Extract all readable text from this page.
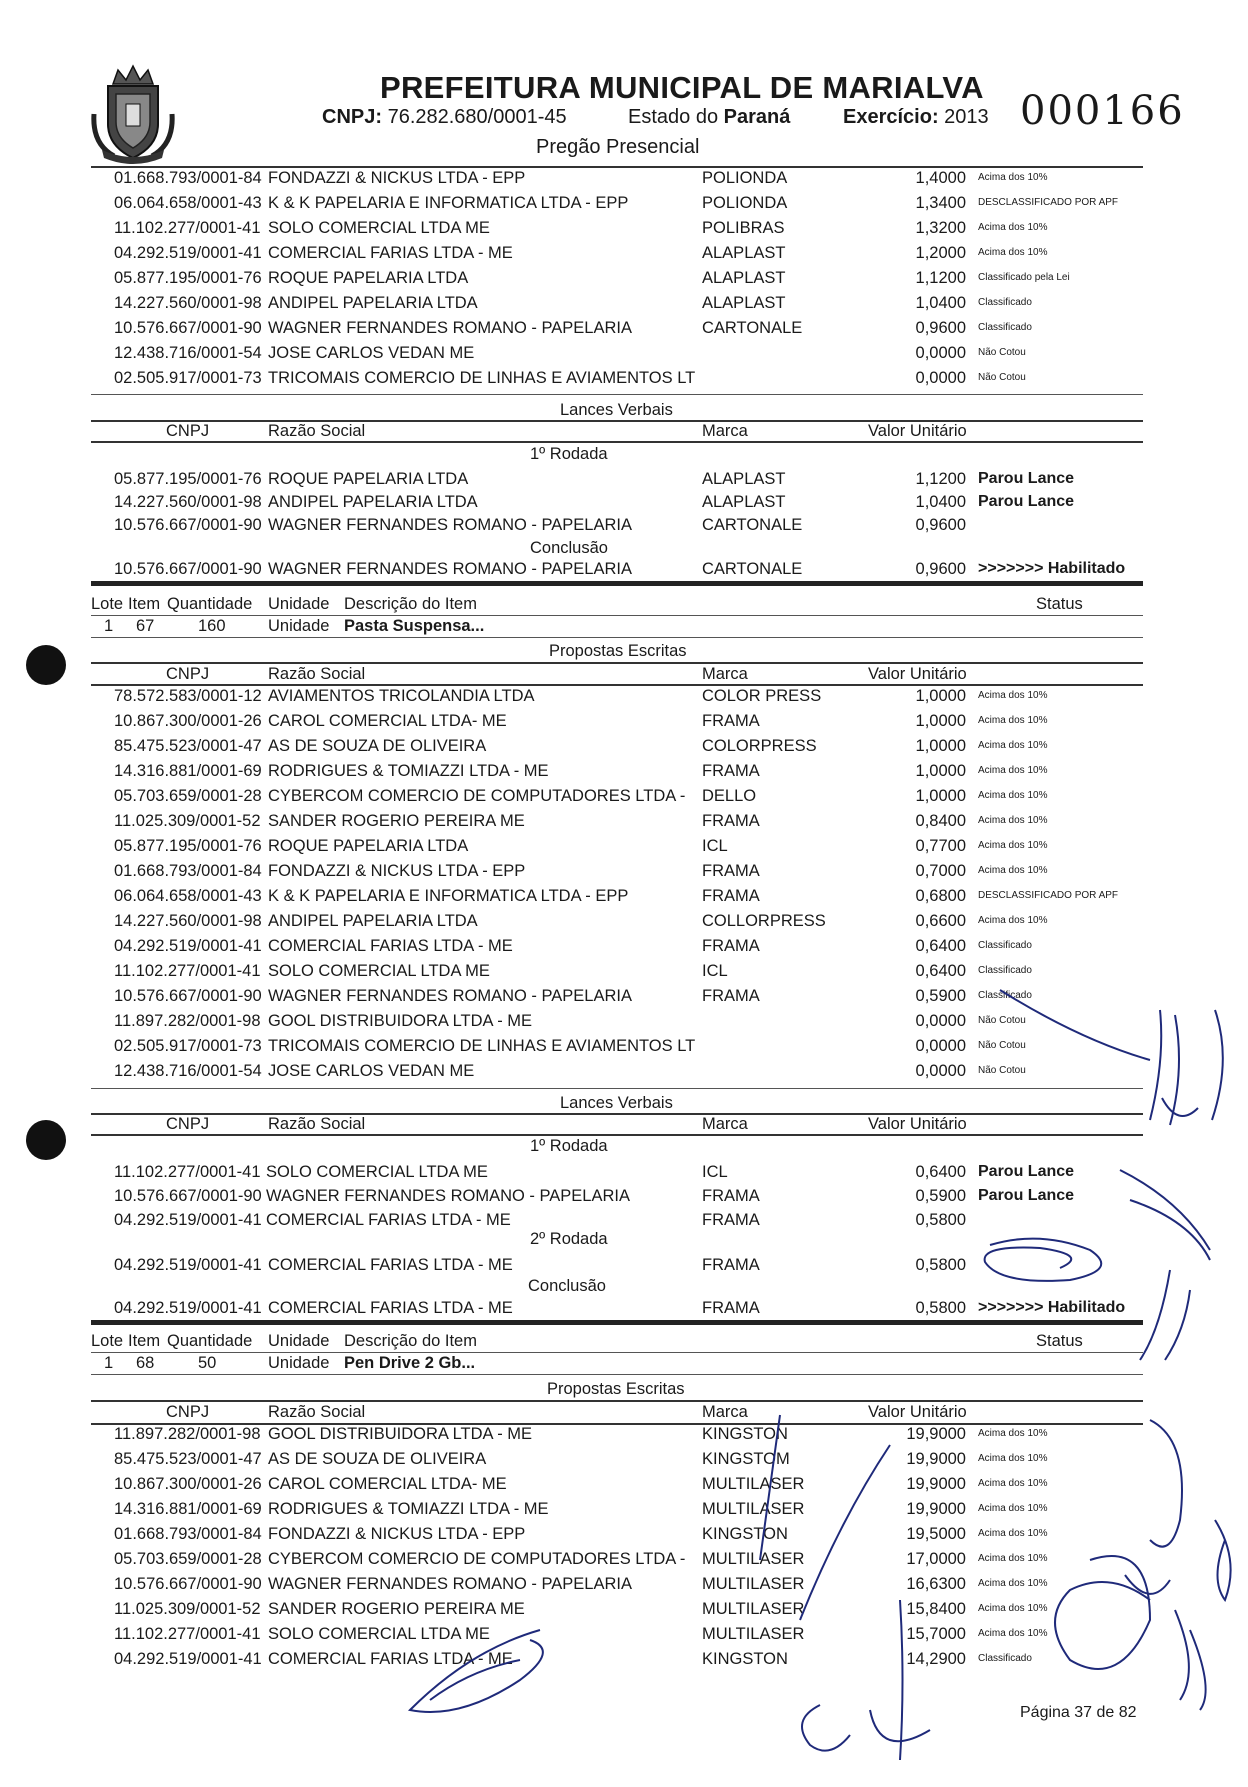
PREFEITURA MUNICIPAL DE MARIALVA
CNPJ: 76.282.680/0001-45	Estado do Paraná	Exercício: 2013 000166
Pregão Presencial
01.668.793/0001-84 FONDAZZI & NICKUS LTDA - EPP	POLIONDA	1,4000 Acima dos 10%
06.064.658/0001-43 K & K PAPELARIA E INFORMATICA LTDA - EPP	POLIONDA	1,3400 DESCLASSIFICADO POR APF
11.102.277/0001-41 SOLO COMERCIAL LTDA ME	POLIBRAS	1,3200 Acima dos 10%
04.292.519/0001-41 COMERCIAL FARIAS LTDA - ME	ALAPLAST	1,2000 Acima dos 10%
05.877.195/0001-76 ROQUE PAPELARIA LTDA	ALAPLAST	1,1200 Classificado pela Lei
14.227.560/0001-98 ANDIPEL PAPELARIA LTDA	ALAPLAST	1,0400 Classificado
10.576.667/0001-90 WAGNER FERNANDES ROMANO - PAPELARIA	CARTONALE	0,9600 Classificado
12.438.716/0001-54 JOSE CARLOS VEDAN ME	0,0000 Não Cotou
02.505.917/0001-73 TRICOMAIS COMERCIO DE LINHAS E AVIAMENTOS LT	0,0000 Não Cotou
Lances Verbais
CNPJ	Razão Social	Marca	Valor Unitário
1º Rodada
05.877.195/0001-76 ROQUE PAPELARIA LTDA	ALAPLAST	1,1200 Parou Lance
14.227.560/0001-98 ANDIPEL PAPELARIA LTDA	ALAPLAST	1,0400 Parou Lance
10.576.667/0001-90 WAGNER FERNANDES ROMANO - PAPELARIA	CARTONALE	0,9600
Conclusão
10.576.667/0001-90 WAGNER FERNANDES ROMANO - PAPELARIA	CARTONALE	0,9600 >>>>>>> Habilitado
Lote Item Quantidade Unidade Descrição do Item	Status
1 67	160	Unidade Pasta Suspensa...
Propostas Escritas
CNPJ	Razão Social	Marca	Valor Unitário
78.572.583/0001-12 AVIAMENTOS TRICOLANDIA LTDA	COLOR PRESS	1,0000 Acima dos 10%
10.867.300/0001-26 CAROL COMERCIAL LTDA- ME	FRAMA	1,0000 Acima dos 10%
85.475.523/0001-47 AS DE SOUZA DE OLIVEIRA	COLORPRESS	1,0000 Acima dos 10%
14.316.881/0001-69 RODRIGUES & TOMIAZZI LTDA - ME	FRAMA	1,0000 Acima dos 10%
05.703.659/0001-28 CYBERCOM COMERCIO DE COMPUTADORES LTDA - DELLO	1,0000 Acima dos 10%
11.025.309/0001-52 SANDER ROGERIO PEREIRA ME	FRAMA	0,8400 Acima dos 10%
05.877.195/0001-76 ROQUE PAPELARIA LTDA	ICL	0,7700 Acima dos 10%
01.668.793/0001-84 FONDAZZI & NICKUS LTDA - EPP	FRAMA	0,7000 Acima dos 10%
06.064.658/0001-43 K & K PAPELARIA E INFORMATICA LTDA - EPP	FRAMA	0,6800 DESCLASSIFICADO POR APF
14.227.560/0001-98 ANDIPEL PAPELARIA LTDA	COLLORPRESS	0,6600 Acima dos 10%
04.292.519/0001-41 COMERCIAL FARIAS LTDA - ME	FRAMA	0,6400 Classificado
11.102.277/0001-41 SOLO COMERCIAL LTDA ME	ICL	0,6400 Classificado
10.576.667/0001-90 WAGNER FERNANDES ROMANO - PAPELARIA	FRAMA	0,5900 Classificado
11.897.282/0001-98 GOOL DISTRIBUIDORA LTDA - ME	0,0000 Não Cotou
02.505.917/0001-73 TRICOMAIS COMERCIO DE LINHAS E AVIAMENTOS LT	0,0000 Não Cotou
12.438.716/0001-54 JOSE CARLOS VEDAN ME	0,0000 Não Cotou
Lances Verbais
CNPJ	Razão Social	Marca	Valor Unitário
1º Rodada
11.102.277/0001-41 SOLO COMERCIAL LTDA ME	ICL	0,6400 Parou Lance
10.576.667/0001-90 WAGNER FERNANDES ROMANO - PAPELARIA	FRAMA	0,5900 Parou Lance
04.292.519/0001-41 COMERCIAL FARIAS LTDA - ME	FRAMA	0,5800
2º Rodada
04.292.519/0001-41 COMERCIAL FARIAS LTDA - ME	FRAMA	0,5800
Conclusão
04.292.519/0001-41 COMERCIAL FARIAS LTDA - ME	FRAMA	0,5800 >>>>>>> Habilitado
Lote Item Quantidade Unidade Descrição do Item	Status
1 68	50	Unidade Pen Drive 2 Gb...
Propostas Escritas
CNPJ	Razão Social	Marca	Valor Unitário
11.897.282/0001-98 GOOL DISTRIBUIDORA LTDA - ME	KINGSTON	19,9000 Acima dos 10%
85.475.523/0001-47 AS DE SOUZA DE OLIVEIRA	KINGSTOM	19,9000 Acima dos 10%
10.867.300/0001-26 CAROL COMERCIAL LTDA- ME	MULTILASER	19,9000 Acima dos 10%
14.316.881/0001-69 RODRIGUES & TOMIAZZI LTDA - ME	MULTILASER	19,9000 Acima dos 10%
01.668.793/0001-84 FONDAZZI & NICKUS LTDA - EPP	KINGSTON	19,5000 Acima dos 10%
05.703.659/0001-28 CYBERCOM COMERCIO DE COMPUTADORES LTDA - MULTILASER	17,0000 Acima dos 10%
10.576.667/0001-90 WAGNER FERNANDES ROMANO - PAPELARIA	MULTILASER	16,6300 Acima dos 10%
11.025.309/0001-52 SANDER ROGERIO PEREIRA ME	MULTILASER	15,8400 Acima dos 10%
11.102.277/0001-41 SOLO COMERCIAL LTDA ME	MULTILASER	15,7000 Acima dos 10%
04.292.519/0001-41 COMERCIAL FARIAS LTDA - ME	KINGSTON	14,2900 Classificado
Página 37 de 82
